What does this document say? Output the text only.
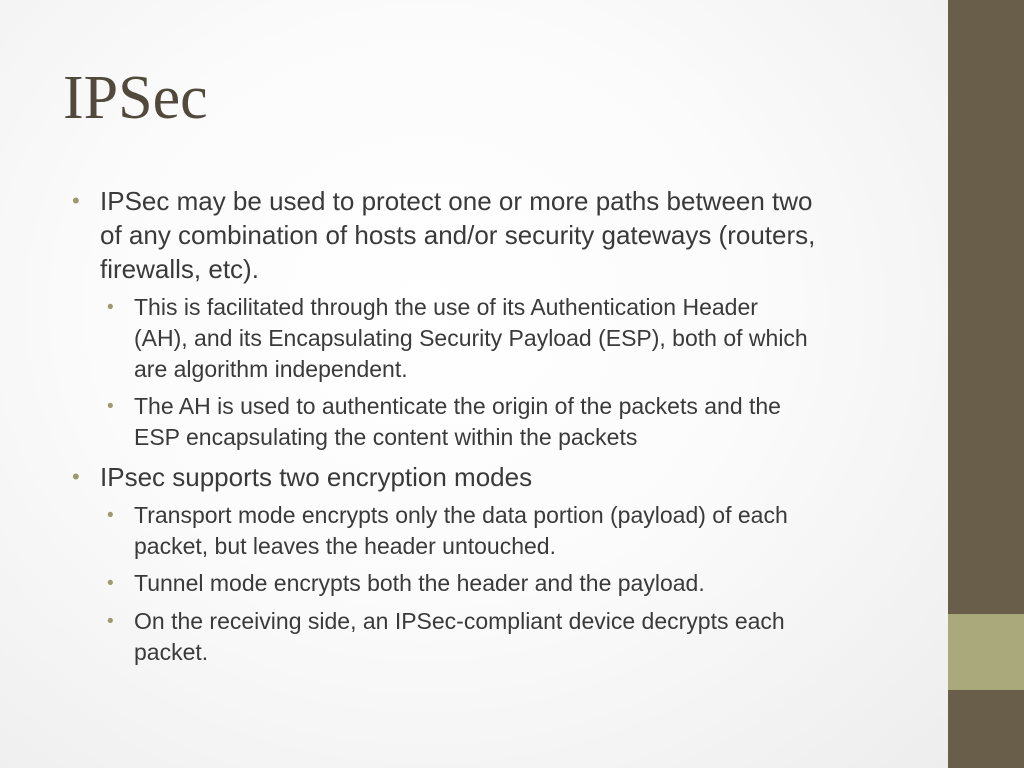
IPSec
• IPSec may be used to protect one or more paths between two
of any combination of hosts and/or security gateways (routers,
firewalls, etc).
• This is facilitated through the use of its Authentication Header
(AH), and its Encapsulating Security Payload (ESP), both of which
are algorithm independent.
• The AH is used to authenticate the origin of the packets and the
ESP encapsulating the content within the packets
• IPsec supports two encryption modes
• Transport mode encrypts only the data portion (payload) of each
packet, but leaves the header untouched.
• Tunnel mode encrypts both the header and the payload.
• On the receiving side, an IPSec-compliant device decrypts each
packet.
